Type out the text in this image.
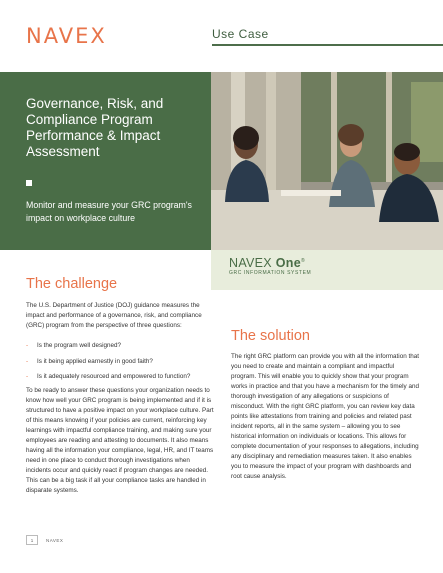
NAVEX	Use Case
Governance, Risk, and Compliance Program Performance & Impact Assessment
Monitor and measure your GRC program's impact on workplace culture
NAVEX One®
GRC INFORMATION SYSTEM
The challenge
The U.S. Department of Justice (DOJ) guidance measures the impact and performance of a governance, risk, and compliance (GRC) program from the perspective of three questions:
- Is the program well designed?
- Is it being applied earnestly in good faith?
- Is it adequately resourced and empowered to function?
To be ready to answer these questions your organization needs to know how well your GRC program is being implemented and if it is structured to have a positive impact on your workplace culture. Part of this means knowing if your policies are current, reinforcing key learnings with impactful compliance training, and making sure your employees are reading and attesting to documents. It also means having all the information your compliance, legal, HR, and IT teams need in one place to conduct thorough investigations when incidents occur and quickly react if program changes are needed. This can be a big task if all your compliance tasks are handled in disparate systems.
The solution
The right GRC platform can provide you with all the information that you need to create and maintain a compliant and impactful program. This will enable you to quickly show that your program works in practice and that you have a mechanism for the timely and thorough investigation of any allegations or suspicions of misconduct. With the right GRC platform, you can review key data points like attestations from training and policies and related past incident reports, all in the same system – allowing you to see historical information on individuals or locations. This allows for complete documentation of your responses to allegations, including any disciplinary and remediation measures taken. It also enables you to measure the impact of your program with dashboards and root cause analysis.
1	NAVEX
